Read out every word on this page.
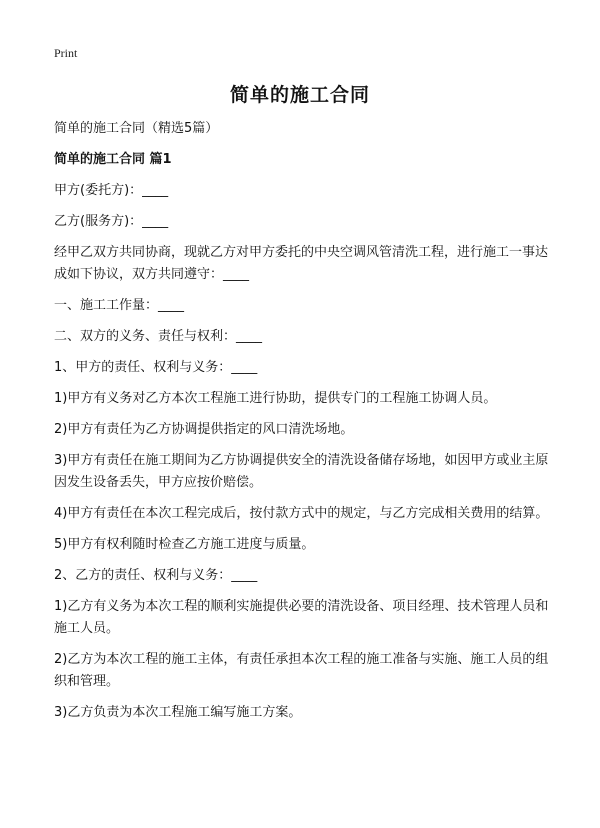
Print
简单的施工合同

简单的施工合同（精选5篇）

简单的施工合同 篇1

甲方(委托方)：____

乙方(服务方)：____

经甲乙双方共同协商，现就乙方对甲方委托的中央空调风管清洗工程，进行施工一事达成如下协议，双方共同遵守：____

一、施工工作量：____

二、双方的义务、责任与权利：____

1、甲方的责任、权利与义务：____

1)甲方有义务对乙方本次工程施工进行协助，提供专门的工程施工协调人员。

2)甲方有责任为乙方协调提供指定的风口清洗场地。

3)甲方有责任在施工期间为乙方协调提供安全的清洗设备储存场地，如因甲方或业主原因发生设备丢失，甲方应按价赔偿。

4)甲方有责任在本次工程完成后，按付款方式中的规定，与乙方完成相关费用的结算。

5)甲方有权利随时检查乙方施工进度与质量。

2、乙方的责任、权利与义务：____

1)乙方有义务为本次工程的顺利实施提供必要的清洗设备、项目经理、技术管理人员和施工人员。

2)乙方为本次工程的施工主体，有责任承担本次工程的施工准备与实施、施工人员的组织和管理。

3)乙方负责为本次工程施工编写施工方案。
